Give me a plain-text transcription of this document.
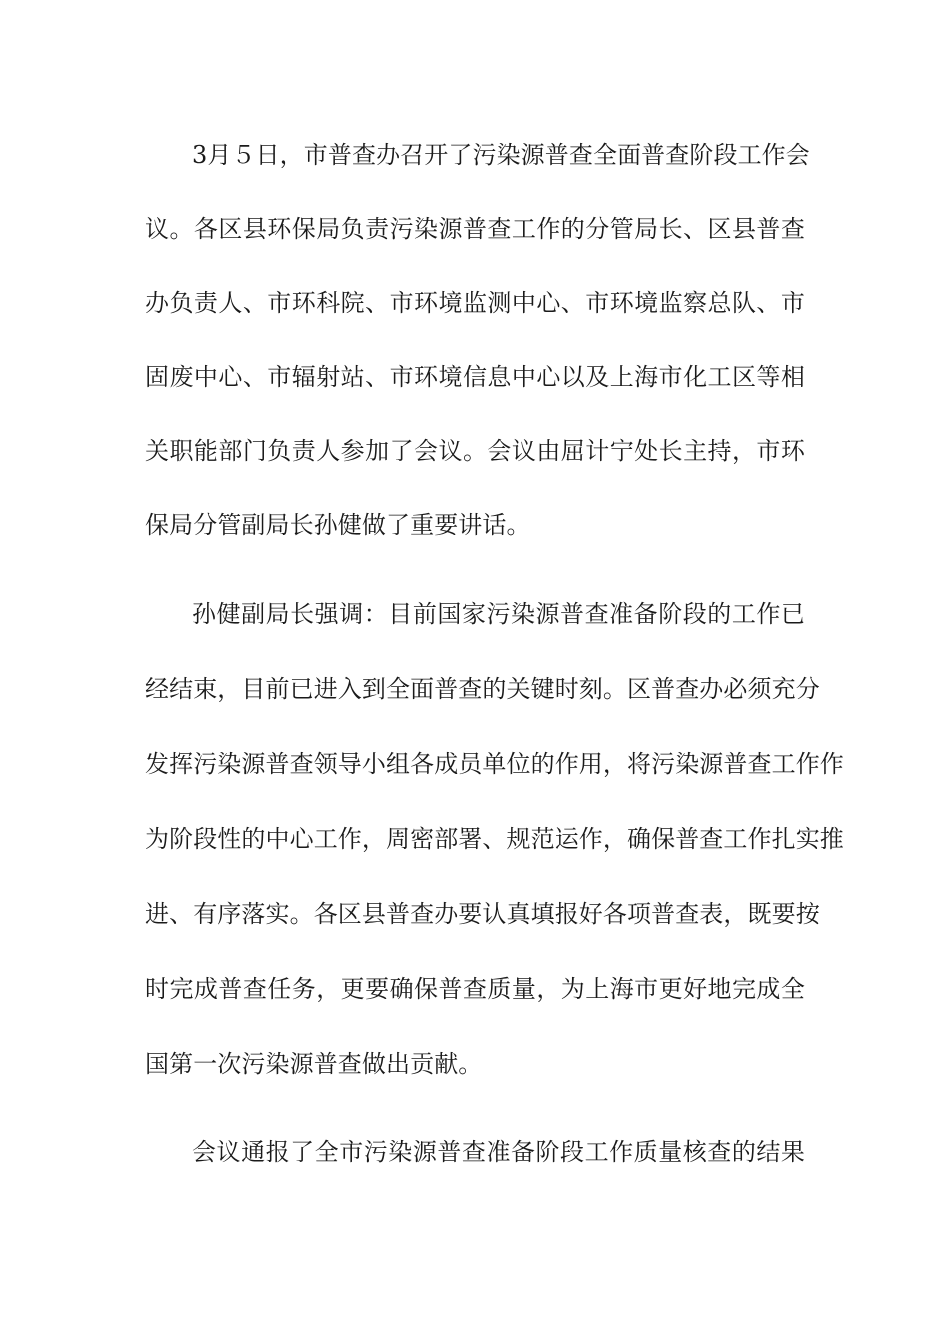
3月５日，市普查办召开了污染源普查全面普查阶段工作会
议。各区县环保局负责污染源普查工作的分管局长、区县普查
办负责人、市环科院、市环境监测中心、市环境监察总队、市
固废中心、市辐射站、市环境信息中心以及上海市化工区等相
关职能部门负责人参加了会议。会议由屈计宁处长主持，市环
保局分管副局长孙健做了重要讲话。
孙健副局长强调：目前国家污染源普查准备阶段的工作已
经结束，目前已进入到全面普查的关键时刻。区普查办必须充分
发挥污染源普查领导小组各成员单位的作用，将污染源普查工作作
为阶段性的中心工作，周密部署、规范运作，确保普查工作扎实推
进、有序落实。各区县普查办要认真填报好各项普查表，既要按
时完成普查任务，更要确保普查质量，为上海市更好地完成全
国第一次污染源普查做出贡献。
会议通报了全市污染源普查准备阶段工作质量核查的结果
